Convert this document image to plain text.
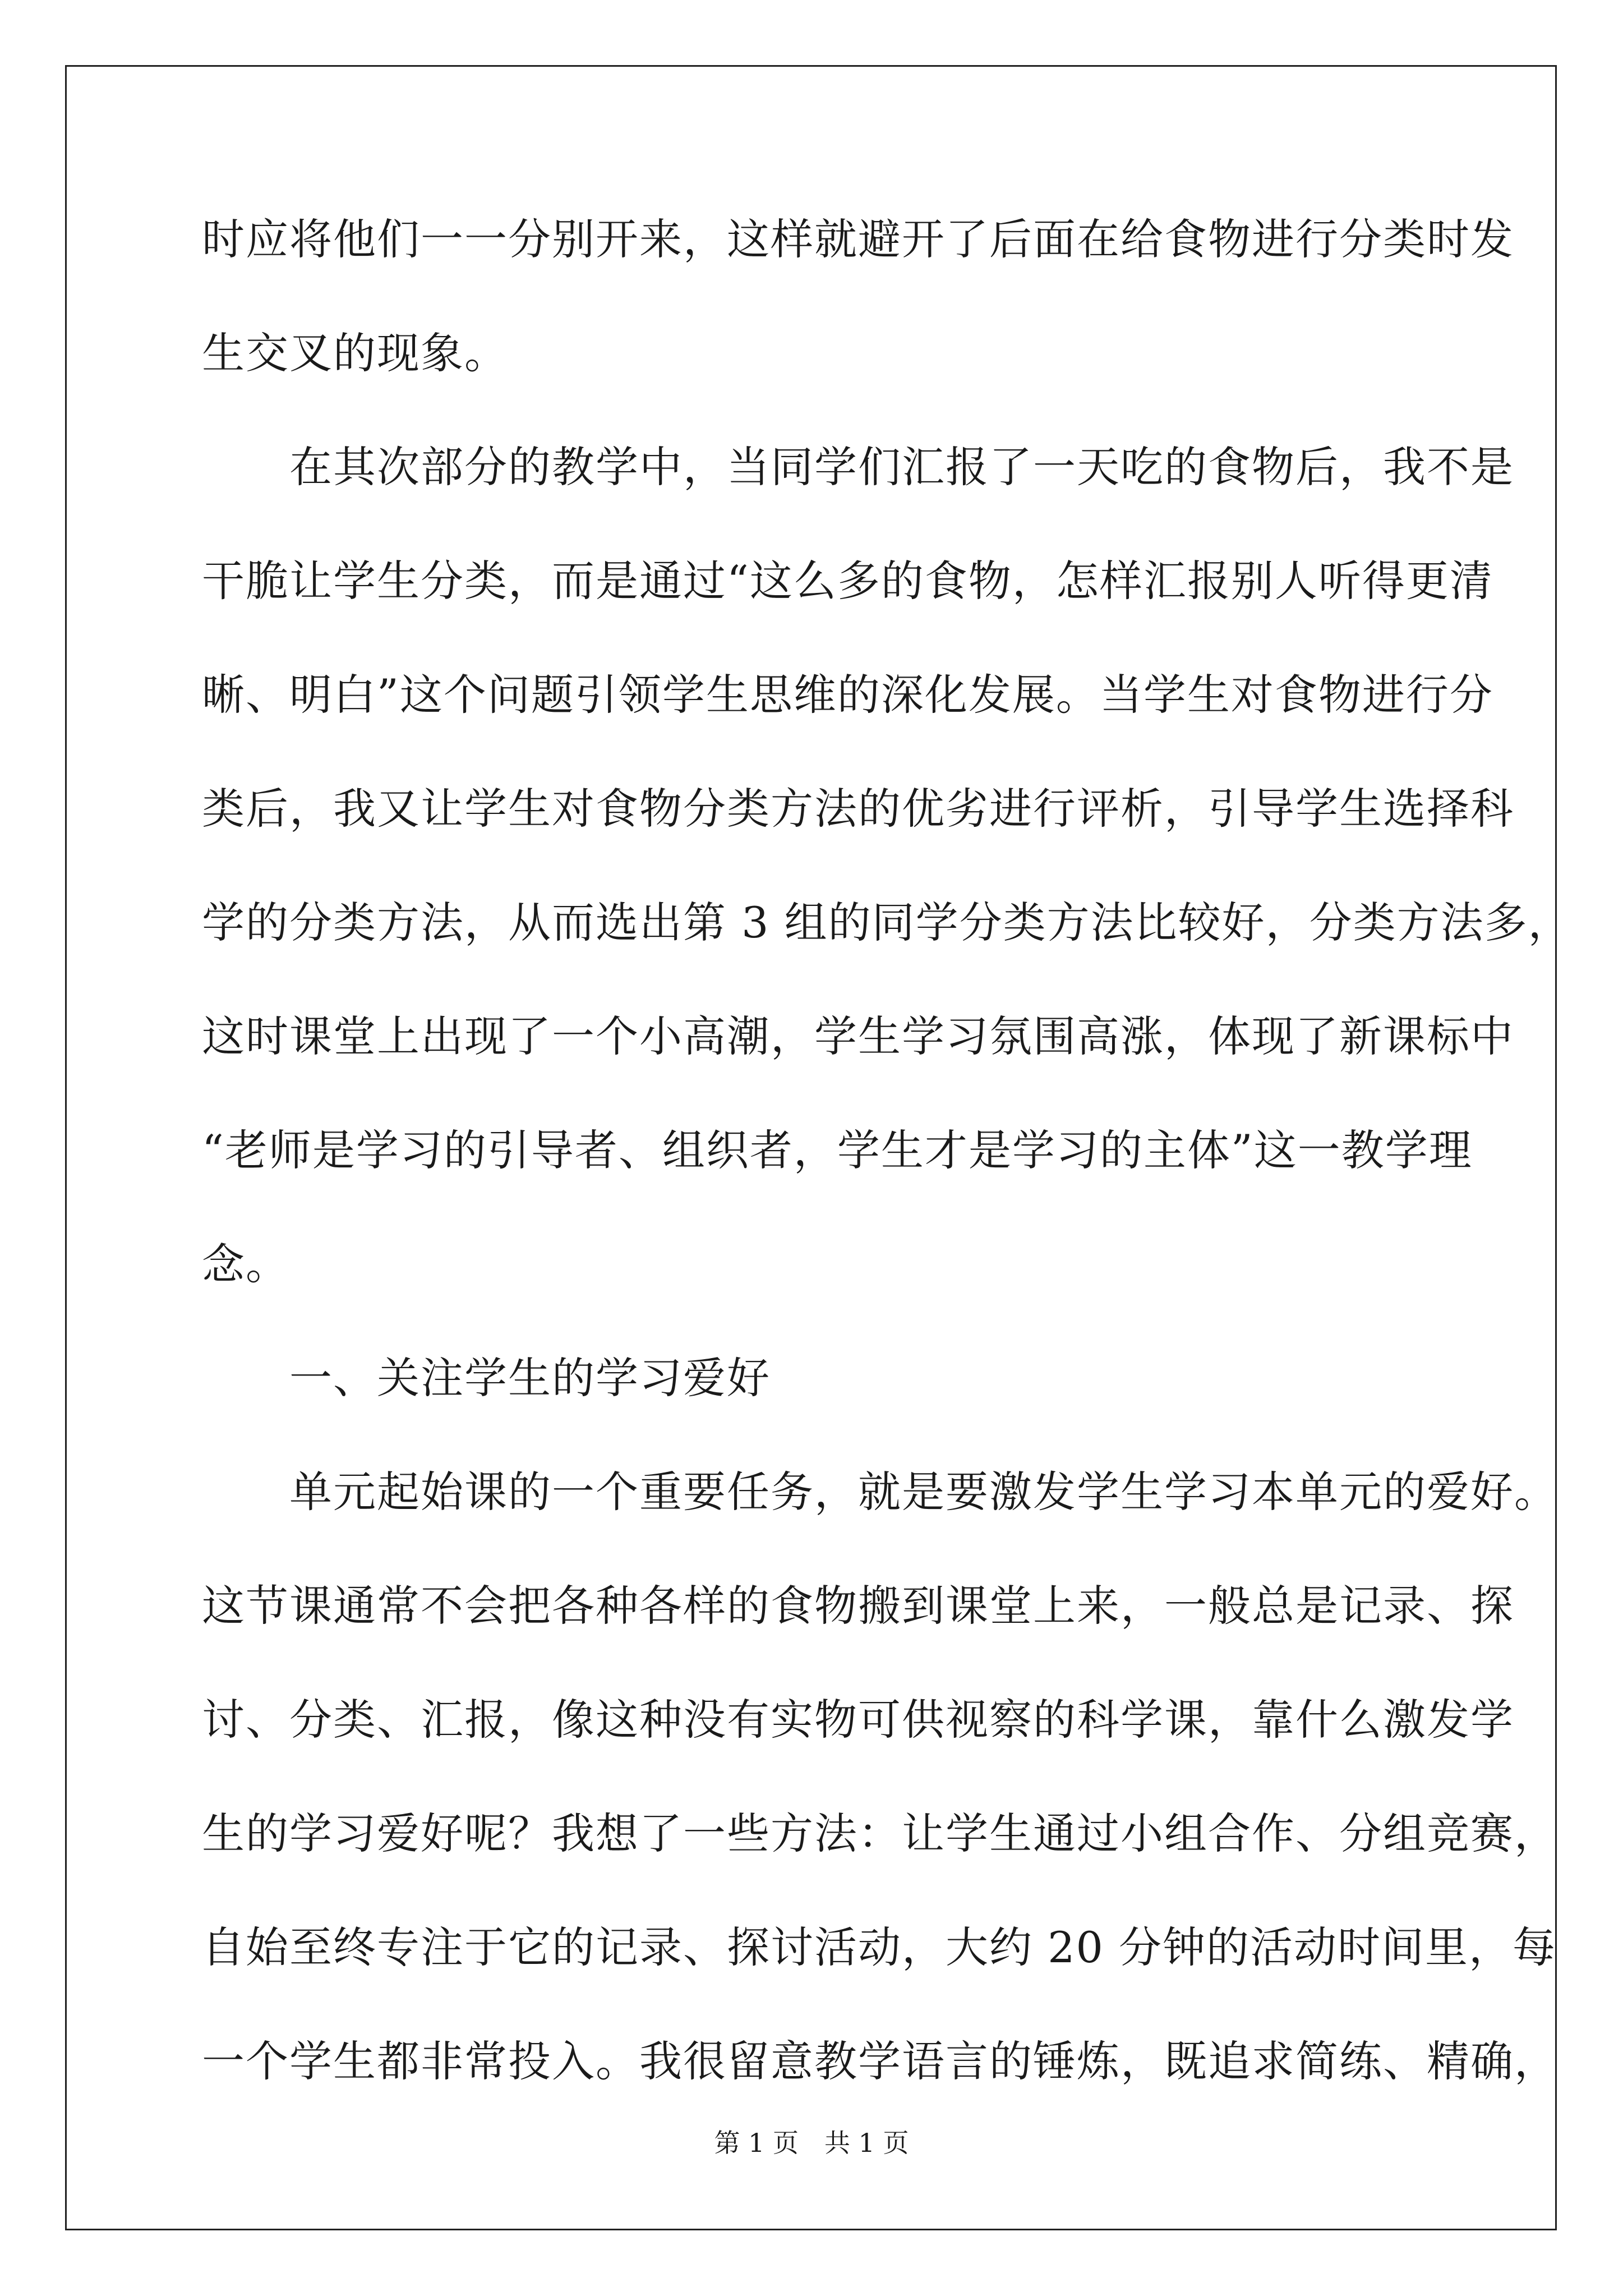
时应将他们一一分别开来，这样就避开了后面在给食物进行分类时发
生交叉的现象。
　　在其次部分的教学中，当同学们汇报了一天吃的食物后，我不是
干脆让学生分类，而是通过“这么多的食物，怎样汇报别人听得更清
晰、明白”这个问题引领学生思维的深化发展。当学生对食物进行分
类后，我又让学生对食物分类方法的优劣进行评析，引导学生选择科
学的分类方法，从而选出第 3 组的同学分类方法比较好，分类方法多，
这时课堂上出现了一个小高潮，学生学习氛围高涨，体现了新课标中
“老师是学习的引导者、组织者，学生才是学习的主体”这一教学理
念。
　　一、关注学生的学习爱好
　　单元起始课的一个重要任务，就是要激发学生学习本单元的爱好。
这节课通常不会把各种各样的食物搬到课堂上来，一般总是记录、探
讨、分类、汇报，像这种没有实物可供视察的科学课，靠什么激发学
生的学习爱好呢？我想了一些方法：让学生通过小组合作、分组竞赛，
自始至终专注于它的记录、探讨活动，大约 20 分钟的活动时间里，每
一个学生都非常投入。我很留意教学语言的锤炼，既追求简练、精确，
第 1 页　共 1 页
